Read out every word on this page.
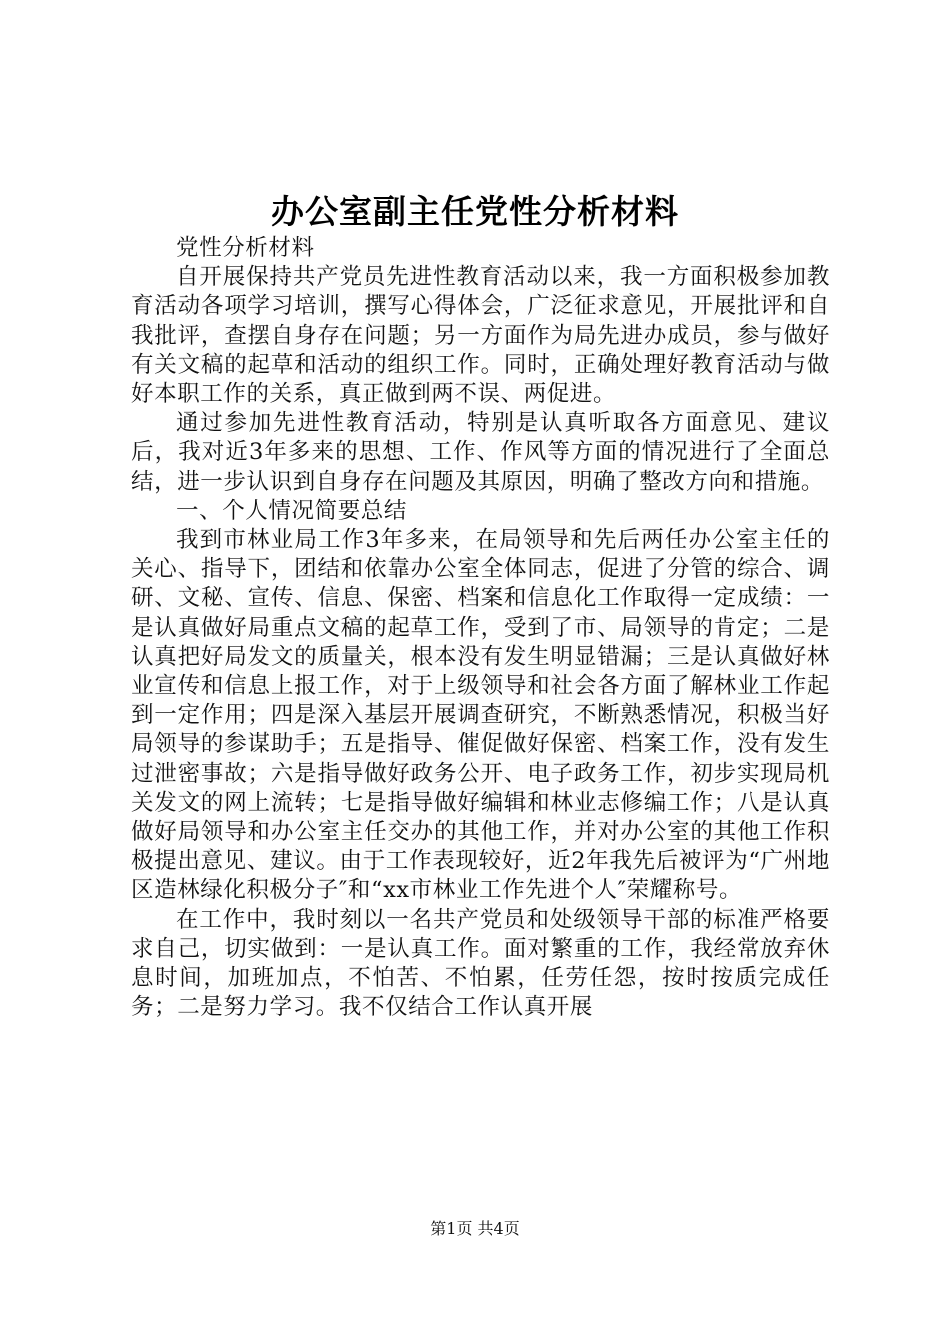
办公室副主任党性分析材料

党性分析材料

自开展保持共产党员先进性教育活动以来，我一方面积极参加教育活动各项学习培训，撰写心得体会，广泛征求意见，开展批评和自我批评，查摆自身存在问题；另一方面作为局先进办成员，参与做好有关文稿的起草和活动的组织工作。同时，正确处理好教育活动与做好本职工作的关系，真正做到两不误、两促进。

通过参加先进性教育活动，特别是认真听取各方面意见、建议后，我对近3年多来的思想、工作、作风等方面的情况进行了全面总结，进一步认识到自身存在问题及其原因，明确了整改方向和措施。

一、个人情况简要总结

我到市林业局工作3年多来，在局领导和先后两任办公室主任的关心、指导下，团结和依靠办公室全体同志，促进了分管的综合、调研、文秘、宣传、信息、保密、档案和信息化工作取得一定成绩：一是认真做好局重点文稿的起草工作，受到了市、局领导的肯定；二是认真把好局发文的质量关，根本没有发生明显错漏；三是认真做好林业宣传和信息上报工作，对于上级领导和社会各方面了解林业工作起到一定作用；四是深入基层开展调查研究，不断熟悉情况，积极当好局领导的参谋助手；五是指导、催促做好保密、档案工作，没有发生过泄密事故；六是指导做好政务公开、电子政务工作，初步实现局机关发文的网上流转；七是指导做好编辑和林业志修编工作；八是认真做好局领导和办公室主任交办的其他工作，并对办公室的其他工作积极提出意见、建议。由于工作表现较好，近2年我先后被评为“广州地区造林绿化积极分子″和“xx市林业工作先进个人″荣耀称号。

在工作中，我时刻以一名共产党员和处级领导干部的标准严格要求自己，切实做到：一是认真工作。面对繁重的工作，我经常放弃休息时间，加班加点，不怕苦、不怕累，任劳任怨，按时按质完成任务；二是努力学习。我不仅结合工作认真开展

第1页 共4页
